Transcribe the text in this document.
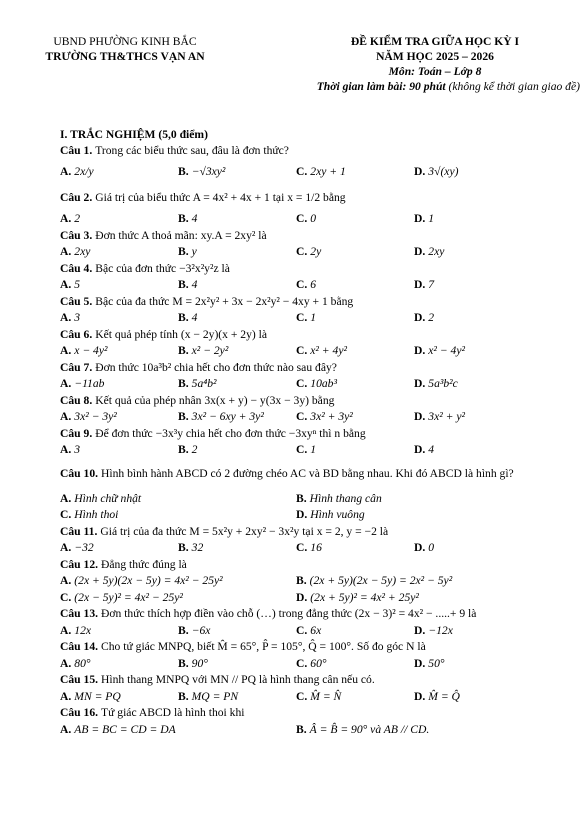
UBND PHƯỜNG KINH BẮC
TRƯỜNG TH&THCS VẠN AN
ĐỀ KIỂM TRA GIỮA HỌC KỲ I
NĂM HỌC 2025 – 2026
Môn: Toán – Lớp 8
Thời gian làm bài: 90 phút (không kể thời gian giao đề)
I. TRẮC NGHIỆM (5,0 điểm)
Câu 1. Trong các biểu thức sau, đâu là đơn thức?
A. 2x/y	B. −√3xy²	C. 2xy + 1	D. 3√(xy)
Câu 2. Giá trị của biểu thức A = 4x² + 4x + 1 tại x = 1/2 bằng
A. 2	B. 4	C. 0	D. 1
Câu 3. Đơn thức A thoả mãn: xy.A = 2xy² là
A. 2xy	B. y	C. 2y	D. 2xy
Câu 4. Bậc của đơn thức −3²x²y²z là
A. 5	B. 4	C. 6	D. 7
Câu 5. Bậc của đa thức M = 2x²y² + 3x − 2x²y² − 4xy + 1 bằng
A. 3	B. 4	C. 1	D. 2
Câu 6. Kết quả phép tính (x − 2y)(x + 2y) là
A. x − 4y²	B. x² − 2y²	C. x² + 4y²	D. x² − 4y²
Câu 7. Đơn thức 10a³b² chia hết cho đơn thức nào sau đây?
A. −11ab	B. 5a⁴b²	C. 10ab³	D. 5a³b²c
Câu 8. Kết quả của phép nhân 3x(x + y) − y(3x − 3y) bằng
A. 3x² − 3y²	B. 3x² − 6xy + 3y²	C. 3x² + 3y²	D. 3x² + y²
Câu 9. Để đơn thức −3x³y chia hết cho đơn thức −3xyⁿ thì n bằng
A. 3	B. 2	C. 1	D. 4
Câu 10. Hình bình hành ABCD có 2 đường chéo AC và BD bằng nhau. Khi đó ABCD là hình gì?
A. Hình chữ nhật	B. Hình thang cân
C. Hình thoi	D. Hình vuông
Câu 11. Giá trị của đa thức M = 5x²y + 2xy² − 3x²y tại x = 2, y = −2 là
A. −32	B. 32	C. 16	D. 0
Câu 12. Đẳng thức đúng là
A. (2x + 5y)(2x − 5y) = 4x² − 25y²	B. (2x + 5y)(2x − 5y) = 2x² − 5y²
C. (2x − 5y)² = 4x² − 25y²	D. (2x + 5y)² = 4x² + 25y²
Câu 13. Đơn thức thích hợp điền vào chỗ (…) trong đẳng thức (2x − 3)² = 4x² − .....+ 9 là
A. 12x	B. −6x	C. 6x	D. −12x
Câu 14. Cho tứ giác MNPQ, biết M̂ = 65°, P̂ = 105°, Q̂ = 100°. Số đo góc N là
A. 80°	B. 90°	C. 60°	D. 50°
Câu 15. Hình thang MNPQ với MN // PQ là hình thang cân nếu có.
A. MN = PQ	B. MQ = PN	C. M̂ = N̂	D. M̂ = Q̂
Câu 16. Tứ giác ABCD là hình thoi khi
A. AB = BC = CD = DA	B. Â = B̂ = 90° và AB // CD.
